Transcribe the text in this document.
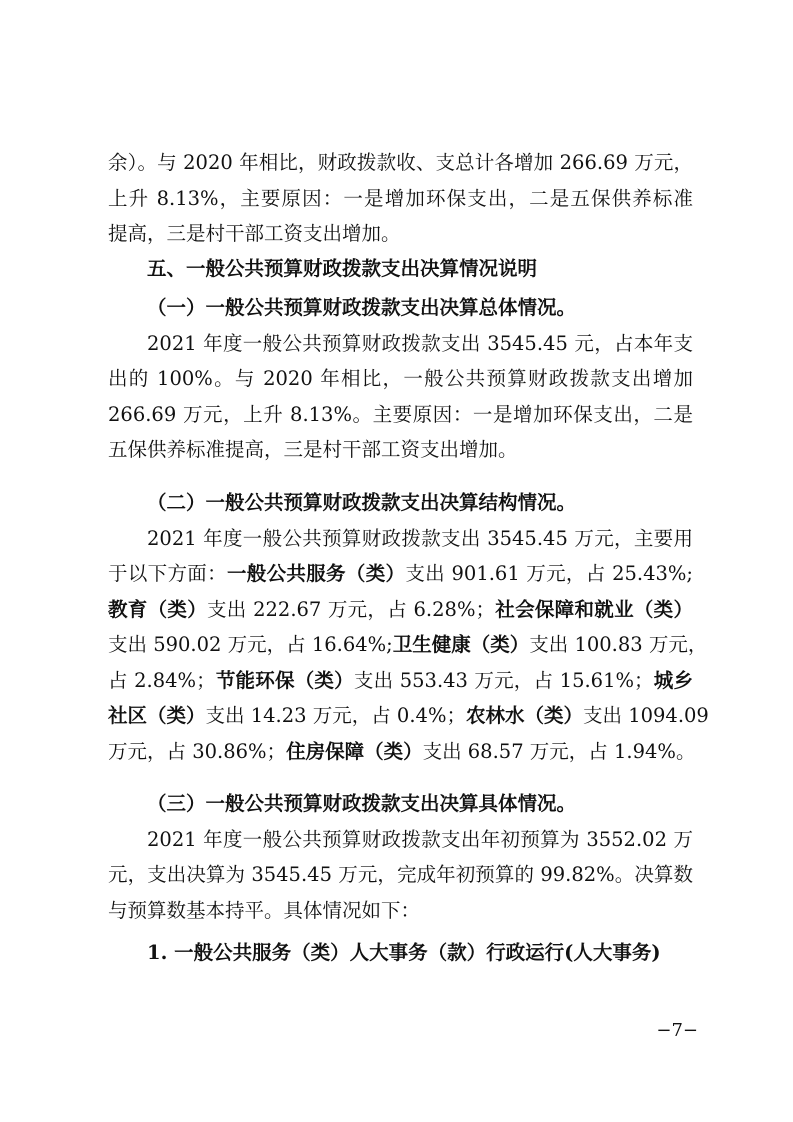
余）。与 2020 年相比，财政拨款收、支总计各增加 266.69 万元，
上升 8.13%，主要原因：一是增加环保支出，二是五保供养标准
提高，三是村干部工资支出增加。
五、一般公共预算财政拨款支出决算情况说明
（一）一般公共预算财政拨款支出决算总体情况。
2021 年度一般公共预算财政拨款支出 3545.45 元，占本年支
出的 100%。与 2020 年相比，一般公共预算财政拨款支出增加
266.69 万元，上升 8.13%。主要原因：一是增加环保支出，二是
五保供养标准提高，三是村干部工资支出增加。
（二）一般公共预算财政拨款支出决算结构情况。
2021 年度一般公共预算财政拨款支出 3545.45 万元，主要用
于以下方面：一般公共服务（类）支出 901.61 万元，占 25.43%;
教育（类）支出 222.67 万元，占 6.28%；社会保障和就业（类）
支出 590.02 万元，占 16.64%;卫生健康（类）支出 100.83 万元，
占 2.84%；节能环保（类）支出 553.43 万元，占 15.61%；城乡
社区（类）支出 14.23 万元，占 0.4%；农林水（类）支出 1094.09
万元，占 30.86%；住房保障（类）支出 68.57 万元，占 1.94%。
（三）一般公共预算财政拨款支出决算具体情况。
2021 年度一般公共预算财政拨款支出年初预算为 3552.02 万
元，支出决算为 3545.45 万元，完成年初预算的 99.82%。决算数
与预算数基本持平。具体情况如下：
1. 一般公共服务（类）人大事务（款）行政运行(人大事务)
−7−
